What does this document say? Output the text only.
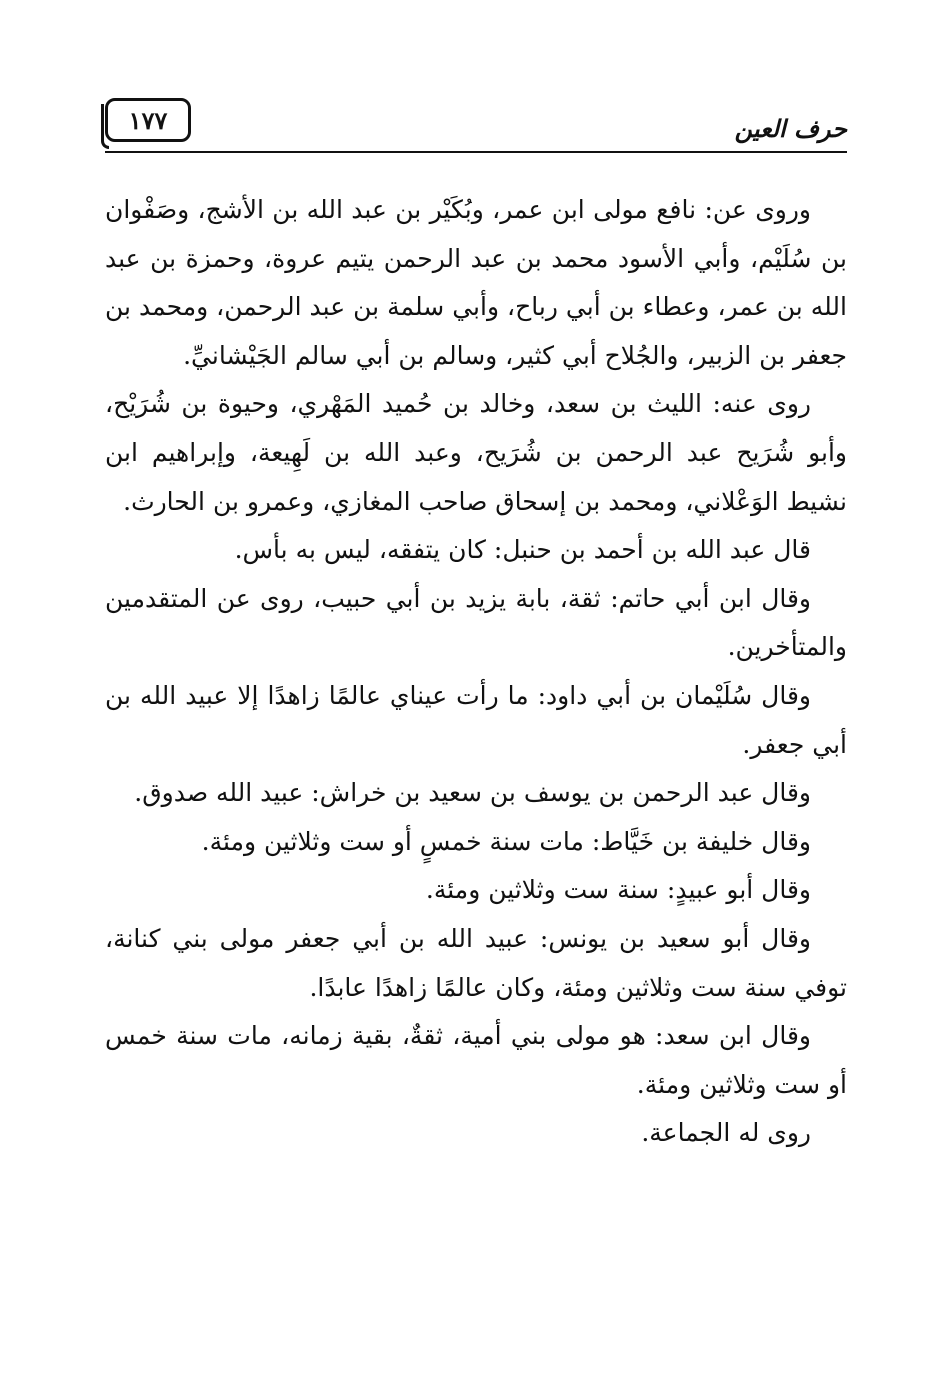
حرف العين
١٧٧

وروى عن: نافع مولى ابن عمر، وبُكَيْر بن عبد الله بن الأشج، وصَفْوان بن سُلَيْم، وأبي الأسود محمد بن عبد الرحمن يتيم عروة، وحمزة بن عبد الله بن عمر، وعطاء بن أبي رباح، وأبي سلمة بن عبد الرحمن، ومحمد بن جعفر بن الزبير، والجُلاح أبي كثير، وسالم بن أبي سالم الجَيْشانيِّ.

روى عنه: الليث بن سعد، وخالد بن حُميد المَهْري، وحيوة بن شُرَيْح، وأبو شُرَيح عبد الرحمن بن شُرَيح، وعبد الله بن لَهِيعة، وإبراهيم ابن نشيط الوَعْلاني، ومحمد بن إسحاق صاحب المغازي، وعمرو بن الحارث.

قال عبد الله بن أحمد بن حنبل: كان يتفقه، ليس به بأس.

وقال ابن أبي حاتم: ثقة، بابة يزيد بن أبي حبيب، روى عن المتقدمين والمتأخرين.

وقال سُلَيْمان بن أبي داود: ما رأت عيناي عالمًا زاهدًا إلا عبيد الله بن أبي جعفر.

وقال عبد الرحمن بن يوسف بن سعيد بن خراش: عبيد الله صدوق.

وقال خليفة بن خَيَّاط: مات سنة خمسٍ أو ست وثلاثين ومئة.

وقال أبو عبيدٍ: سنة ست وثلاثين ومئة.

وقال أبو سعيد بن يونس: عبيد الله بن أبي جعفر مولى بني كنانة، توفي سنة ست وثلاثين ومئة، وكان عالمًا زاهدًا عابدًا.

وقال ابن سعد: هو مولى بني أمية، ثقةٌ، بقية زمانه، مات سنة خمس أو ست وثلاثين ومئة.

روى له الجماعة.
